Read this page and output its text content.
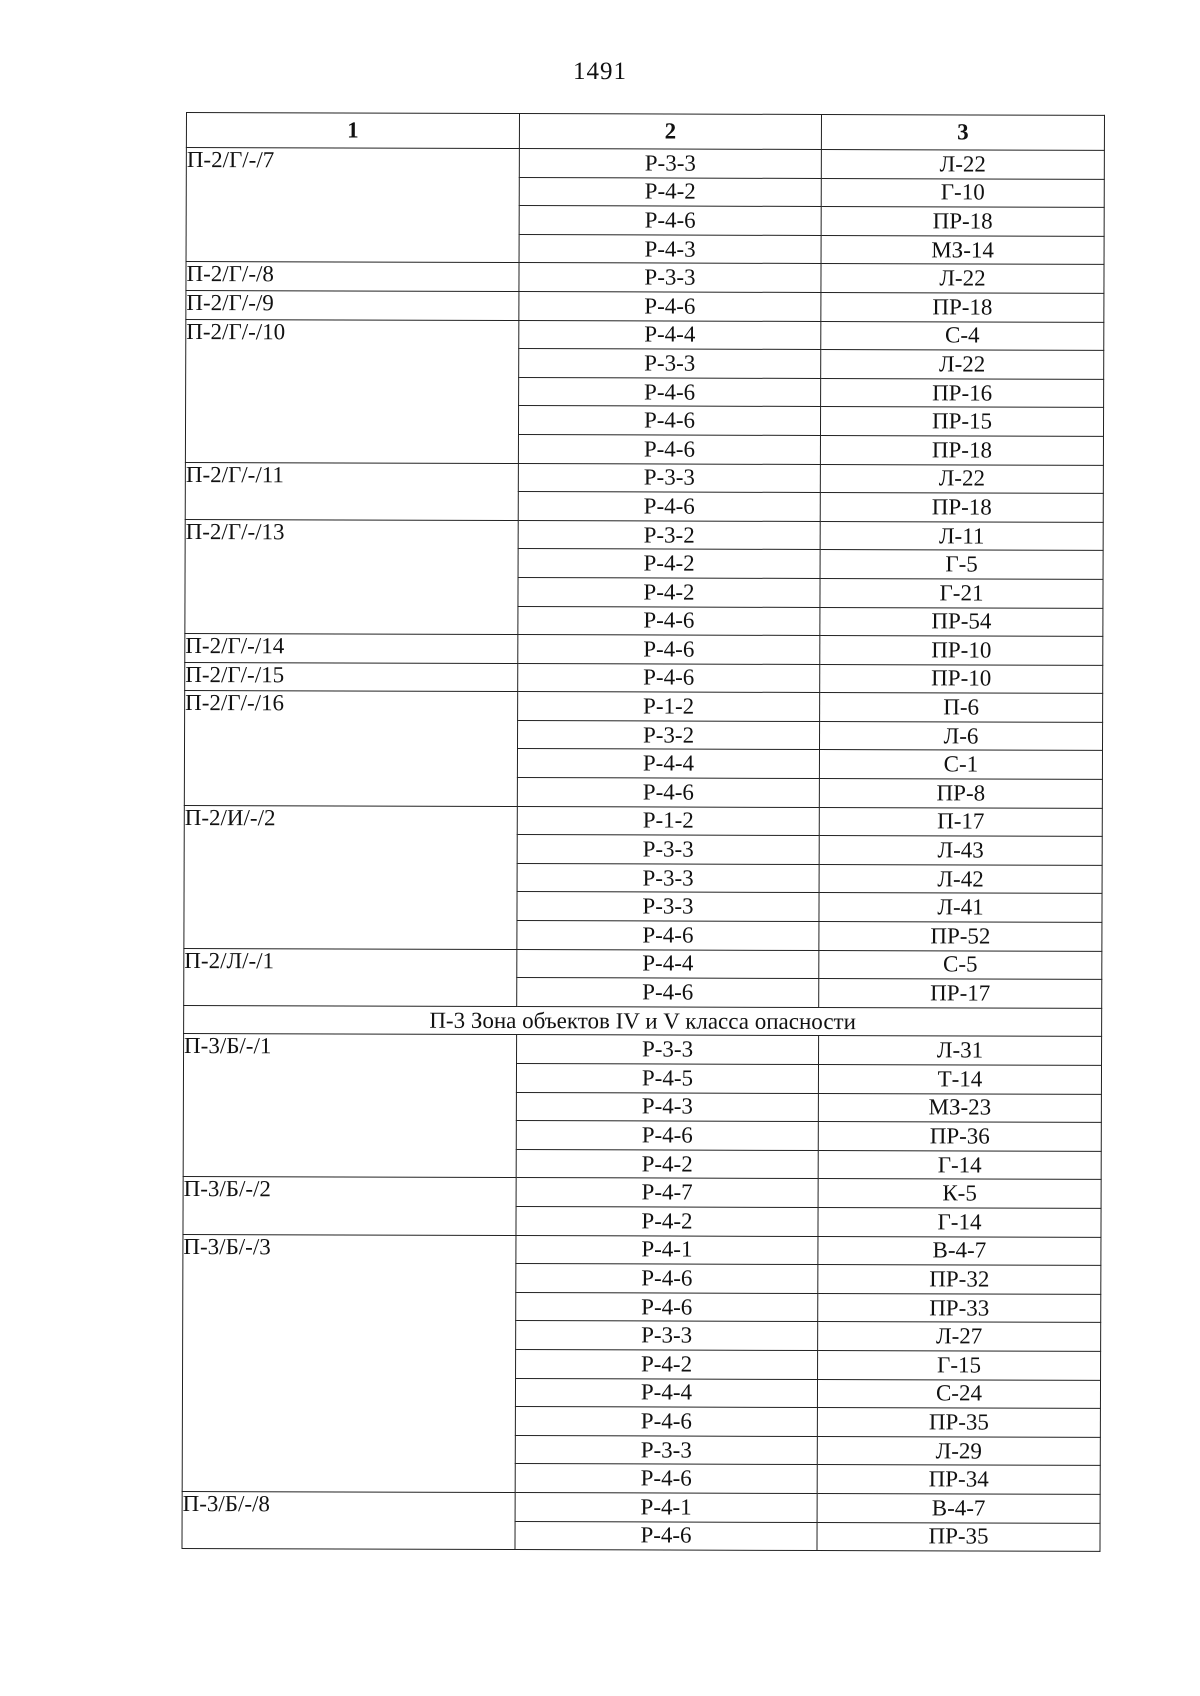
1491
1	2	3
П-2/Г/-/7	Р-3-3	Л-22
	Р-4-2	Г-10
	Р-4-6	ПР-18
	Р-4-3	МЗ-14
П-2/Г/-/8	Р-3-3	Л-22
П-2/Г/-/9	Р-4-6	ПР-18
П-2/Г/-/10	Р-4-4	С-4
	Р-3-3	Л-22
	Р-4-6	ПР-16
	Р-4-6	ПР-15
	Р-4-6	ПР-18
П-2/Г/-/11	Р-3-3	Л-22
	Р-4-6	ПР-18
П-2/Г/-/13	Р-3-2	Л-11
	Р-4-2	Г-5
	Р-4-2	Г-21
	Р-4-6	ПР-54
П-2/Г/-/14	Р-4-6	ПР-10
П-2/Г/-/15	Р-4-6	ПР-10
П-2/Г/-/16	Р-1-2	П-6
	Р-3-2	Л-6
	Р-4-4	С-1
	Р-4-6	ПР-8
П-2/И/-/2	Р-1-2	П-17
	Р-3-3	Л-43
	Р-3-3	Л-42
	Р-3-3	Л-41
	Р-4-6	ПР-52
П-2/Л/-/1	Р-4-4	С-5
	Р-4-6	ПР-17
П-3 Зона объектов IV и V класса опасности		
П-3/Б/-/1	Р-3-3	Л-31
	Р-4-5	Т-14
	Р-4-3	МЗ-23
	Р-4-6	ПР-36
	Р-4-2	Г-14
П-3/Б/-/2	Р-4-7	К-5
	Р-4-2	Г-14
П-3/Б/-/3	Р-4-1	В-4-7
	Р-4-6	ПР-32
	Р-4-6	ПР-33
	Р-3-3	Л-27
	Р-4-2	Г-15
	Р-4-4	С-24
	Р-4-6	ПР-35
	Р-3-3	Л-29
	Р-4-6	ПР-34
П-3/Б/-/8	Р-4-1	В-4-7
	Р-4-6	ПР-35
